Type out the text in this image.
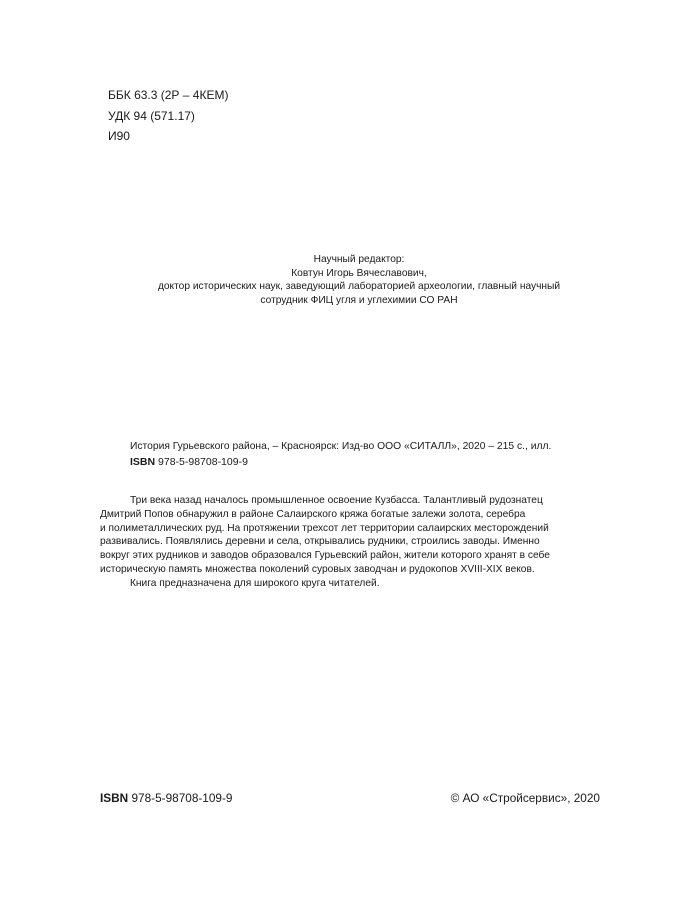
ББК 63.3 (2Р – 4КЕМ)
УДК 94 (571.17)
И90
Научный редактор:
Ковтун Игорь Вячеславович,
доктор исторических наук, заведующий лабораторией археологии, главный научный
сотрудник ФИЦ угля и углехимии СО РАН
История Гурьевского района, – Красноярск: Изд-во ООО «СИТАЛЛ», 2020 – 215 с., илл.
ISBN 978-5-98708-109-9
Три века назад началось промышленное освоение Кузбасса. Талантливый рудознатец
Дмитрий Попов обнаружил в районе Салаирского кряжа богатые залежи золота, серебра
и полиметаллических руд. На протяжении трехсот лет территории салаирских месторождений
развивались. Появлялись деревни и села, открывались рудники, строились заводы. Именно
вокруг этих рудников и заводов образовался Гурьевский район, жители которого хранят в себе
историческую память множества поколений суровых заводчан и рудокопов XVIII-XIX веков.
Книга предназначена для широкого круга читателей.
ISBN 978-5-98708-109-9	© АО «Стройсервис», 2020
